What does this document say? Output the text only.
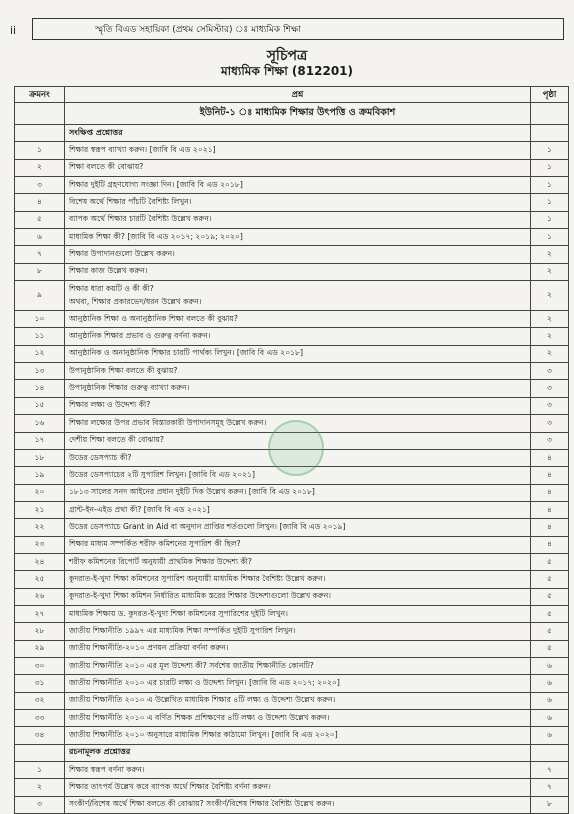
ii	স্মৃতি বিএড সহায়িকা (প্রথম সেমিস্টার) ঃ মাধ্যমিক শিক্ষা
সূচিপত্র
মাধ্যমিক শিক্ষা (812201)
ক্রমনং	প্রশ্ন	পৃষ্ঠা
	ইউনিট-১ ঃ মাধ্যমিক শিক্ষার উৎপত্তি ও ক্রমবিকাশ	
	সংক্ষিপ্ত প্রশ্নোত্তর	
১	শিক্ষার স্বরূপ ব্যাখ্যা করুন। [জাবি বি এড ২০২১]	১
২	শিক্ষা বলতে কী বোঝায়?	১
৩	শিক্ষার দুইটি গ্রহণযোগ্য সংজ্ঞা দিন। [জাবি বি এড ২০১৮]	১
৪	বিশেষ অর্থে শিক্ষার পাঁচটি বৈশিষ্ট্য লিখুন।	১
৫	ব্যাপক অর্থে শিক্ষার চারটি বৈশিষ্ট্য উল্লেখ করুন।	১
৬	মাধ্যমিক শিক্ষা কী? [জাবি বি এড ২০১৭; ২০১৯; ২০২০]	১
৭	শিক্ষার উপাদানগুলো উল্লেখ করুন।	২
৮	শিক্ষার কাজ উল্লেখ করুন।	২
৯	শিক্ষার ধারা কয়টি ও কী কী?
অথবা, শিক্ষার প্রকারভেদ/ধরন উল্লেখ করুন।	২
১০	আনুষ্ঠানিক শিক্ষা ও অনানুষ্ঠানিক শিক্ষা বলতে কী বুঝায়?	২
১১	আনুষ্ঠানিক শিক্ষার প্রভাব ও গুরুত্ব বর্ণনা করুন।	২
১২	আনুষ্ঠানিক ও অনানুষ্ঠানিক শিক্ষার চারটি পার্থক্য লিখুন। [জাবি বি এড ২০১৮]	২
১৩	উপানুষ্ঠানিক শিক্ষা বলতে কী বুঝায়?	৩
১৪	উপানুষ্ঠানিক শিক্ষার গুরুত্ব ব্যাখ্যা করুন।	৩
১৫	শিক্ষার লক্ষ্য ও উদ্দেশ্য কী?	৩
১৬	শিক্ষার লক্ষ্যের উপর প্রভাব বিস্তারকারী উপাদানসমূহ উল্লেখ করুন।	৩
১৭	দেশীয় শিক্ষা বলতে কী বোঝায়?	৩
১৮	উডের ডেসপ্যাচ কী?	৪
১৯	উডের ডেসপ্যাচের ২টি সুপারিশ লিখুন। [জাবি বি এড ২০২১]	৪
২০	১৮১৩ সালের সনদ আইনের প্রধান দুইটি দিক উল্লেখ করুন। [জাবি বি এড ২০১৮]	৪
২১	গ্রান্ট-ইন-এইড প্রথা কী? [জাবি বি এড ২০২১]	৪
২২	উডের ডেসপ্যাচে Grant in Aid বা অনুদান প্রাপ্তির শর্তগুলো লিখুন। [জাবি বি এড ২০১৯]	৪
২৩	শিক্ষার মাধ্যম সম্পর্কিত শরীফ কমিশনের সুপারিশ কী ছিল?	৪
২৪	শরীফ কমিশনের রিপোর্ট অনুযায়ী প্রাথমিক শিক্ষার উদ্দেশ্য কী?	৫
২৫	কুদরাত-ই-খুদা শিক্ষা কমিশনের সুপারিশ অনুযায়ী মাধ্যমিক শিক্ষার বৈশিষ্ট্য উল্লেখ করুন।	৫
২৬	কুদরাত-ই-খুদা শিক্ষা কমিশন নির্ধারিত মাধ্যমিক স্তরের শিক্ষার উদ্দেশ্যগুলো উল্লেখ করুন।	৫
২৭	মাধ্যমিক শিক্ষায় ড. কুদরত-ই-খুদা শিক্ষা কমিশনের সুপারিশের দুইটি লিখুন।	৫
২৮	জাতীয় শিক্ষানীতি ১৯৯৭ এর মাধ্যমিক শিক্ষা সম্পর্কিত দুইটি সুপারিশ লিখুন।	৫
২৯	জাতীয় শিক্ষানীতি-২০১০ প্রণয়ন প্রক্রিয়া বর্ণনা করুন।	৫
৩০	জাতীয় শিক্ষানীতি ২০১০ এর মূল উদ্দেশ্য কী? সর্বশেষ জাতীয় শিক্ষানীতি কোনটি?	৬
৩১	জাতীয় শিক্ষানীতি ২০১০ এর চারটি লক্ষ্য ও উদ্দেশ্য লিখুন। [জাবি বি এড ২০১৭; ২০২০]	৬
৩২	জাতীয় শিক্ষানীতি ২০১০ এ উল্লেখিত মাধ্যমিক শিক্ষার ৪টি লক্ষ্য ও উদ্দেশ্য উল্লেখ করুন।	৬
৩৩	জাতীয় শিক্ষানীতি ২০১০ এ বর্ণিত শিক্ষক প্রশিক্ষণের ৪টি লক্ষ্য ও উদ্দেশ্য উল্লেখ করুন।	৬
৩৪	জাতীয় শিক্ষানীতি ২০১০ অনুসারে মাধ্যমিক শিক্ষার কাঠামো লিখুন। [জাবি বি এড ২০২০]	৬
	রচনামূলক প্রশ্নোত্তর	
১	শিক্ষার স্বরূপ বর্ণনা করুন।	৭
২	শিক্ষার তাৎপর্য উল্লেখ করে ব্যাপক অর্থে শিক্ষার বৈশিষ্ট্য বর্ণনা করুন।	৭
৩	সংকীর্ণ/বিশেষ অর্থে শিক্ষা বলতে কী বোঝায়? সংকীর্ণ/বিশেষ শিক্ষার বৈশিষ্ট্য উল্লেখ করুন।	৮
